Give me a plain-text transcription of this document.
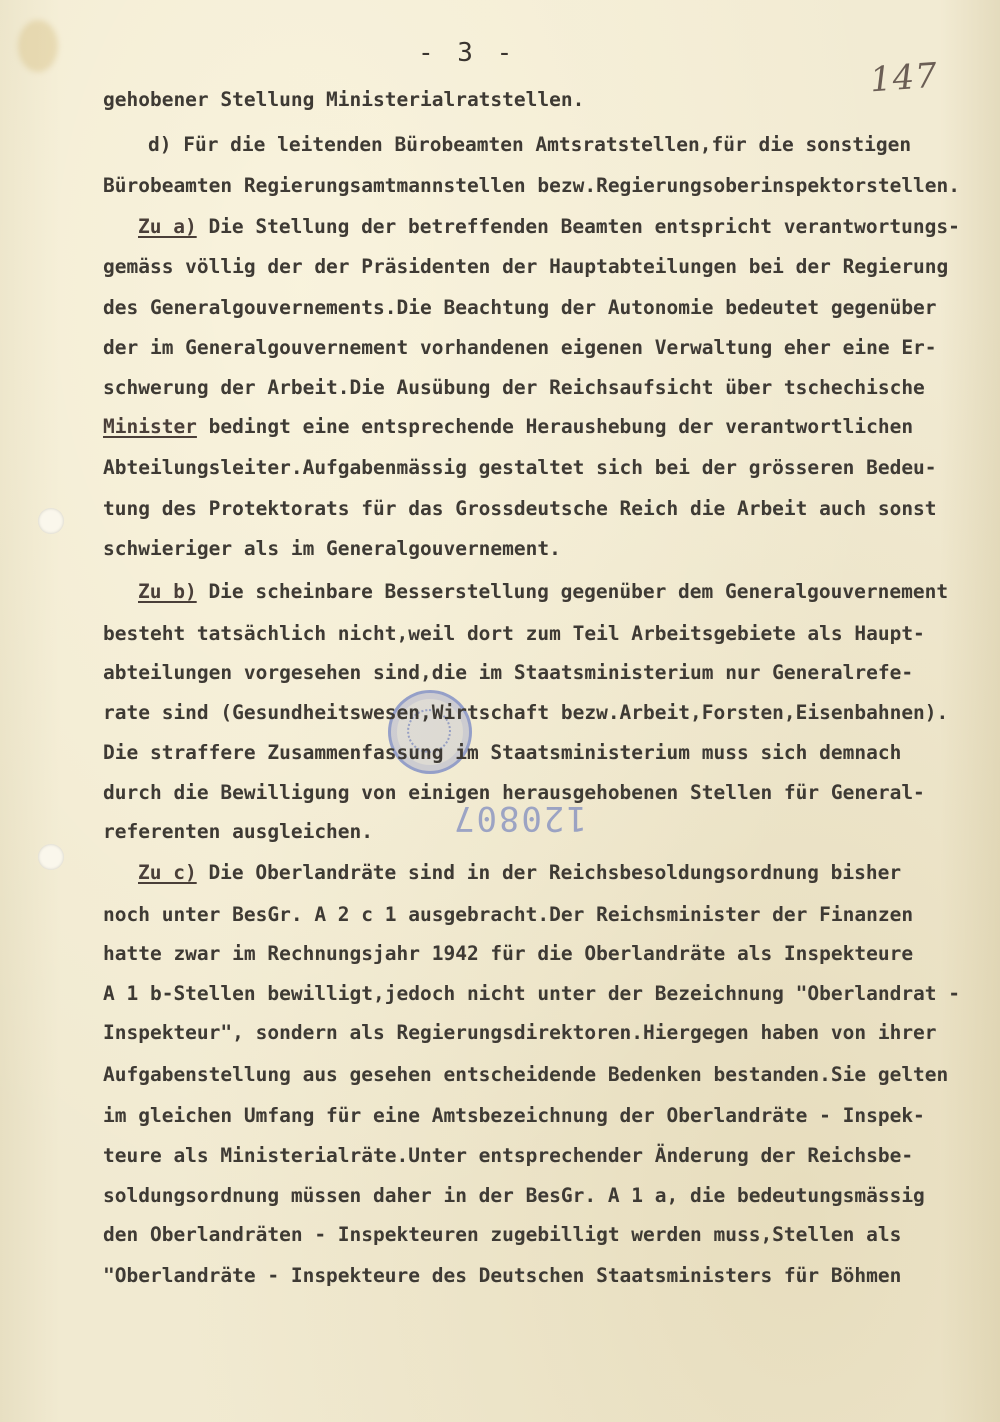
- 3 -
147
120807
gehobener Stellung Ministerialratstellen.
d) Für die leitenden Bürobeamten Amtsratstellen,für die sonstigen
Bürobeamten Regierungsamtmannstellen bezw.Regierungsoberinspektorstellen.
Zu a) Die Stellung der betreffenden Beamten entspricht verantwortungs-
gemäss völlig der der Präsidenten der Hauptabteilungen bei der Regierung
des Generalgouvernements.Die Beachtung der Autonomie bedeutet gegenüber
der im Generalgouvernement vorhandenen eigenen Verwaltung eher eine Er-
schwerung der Arbeit.Die Ausübung der Reichsaufsicht über tschechische
Minister bedingt eine entsprechende Heraushebung der verantwortlichen
Abteilungsleiter.Aufgabenmässig gestaltet sich bei der grösseren Bedeu-
tung des Protektorats für das Grossdeutsche Reich die Arbeit auch sonst
schwieriger als im Generalgouvernement.
Zu b) Die scheinbare Besserstellung gegenüber dem Generalgouvernement
besteht tatsächlich nicht,weil dort zum Teil Arbeitsgebiete als Haupt-
abteilungen vorgesehen sind,die im Staatsministerium nur Generalrefe-
rate sind (Gesundheitswesen,Wirtschaft bezw.Arbeit,Forsten,Eisenbahnen).
Die straffere Zusammenfassung im Staatsministerium muss sich demnach
durch die Bewilligung von einigen herausgehobenen Stellen für General-
referenten ausgleichen.
Zu c) Die Oberlandräte sind in der Reichsbesoldungsordnung bisher
noch unter BesGr. A 2 c 1 ausgebracht.Der Reichsminister der Finanzen
hatte zwar im Rechnungsjahr 1942 für die Oberlandräte als Inspekteure
A 1 b-Stellen bewilligt,jedoch nicht unter der Bezeichnung "Oberlandrat -
Inspekteur", sondern als Regierungsdirektoren.Hiergegen haben von ihrer
Aufgabenstellung aus gesehen entscheidende Bedenken bestanden.Sie gelten
im gleichen Umfang für eine Amtsbezeichnung der Oberlandräte - Inspek-
teure als Ministerialräte.Unter entsprechender Änderung der Reichsbe-
soldungsordnung müssen daher in der BesGr. A 1 a, die bedeutungsmässig
den Oberlandräten - Inspekteuren zugebilligt werden muss,Stellen als
"Oberlandräte - Inspekteure des Deutschen Staatsministers für Böhmen
